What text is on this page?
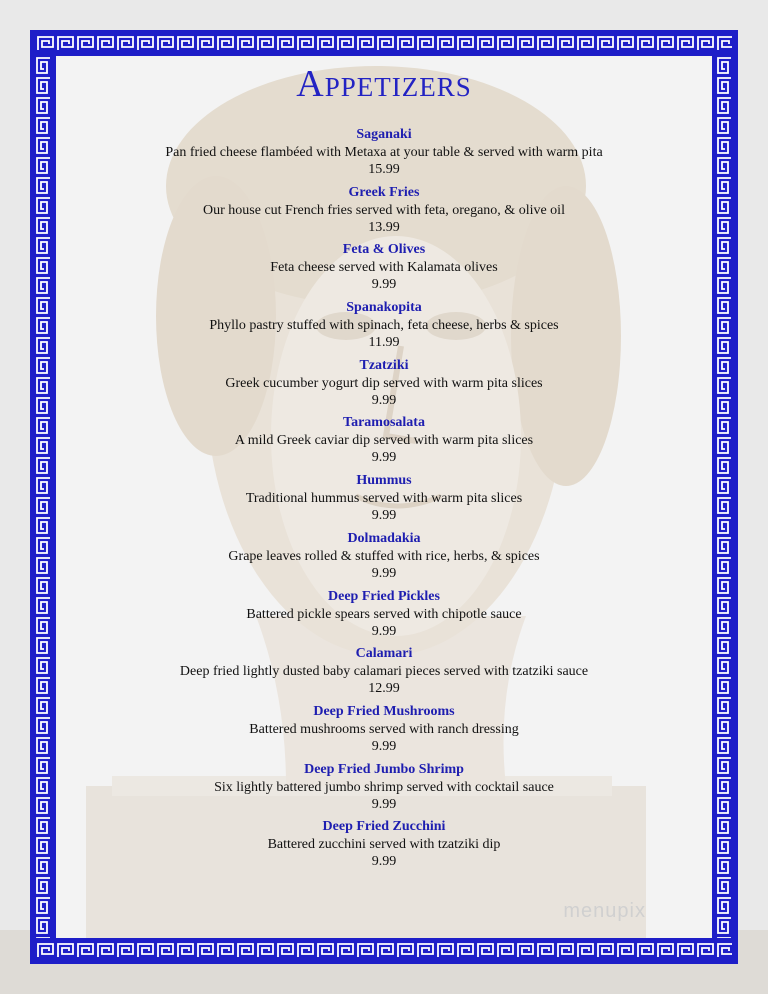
Appetizers
Saganaki
Pan fried cheese flambéed with Metaxa at your table & served with warm pita
15.99
Greek Fries
Our house cut French fries served with feta, oregano, & olive oil
13.99
Feta & Olives
Feta cheese served with Kalamata olives
9.99
Spanakopita
Phyllo pastry stuffed with spinach, feta cheese, herbs & spices
11.99
Tzatziki
Greek cucumber yogurt dip served with warm pita slices
9.99
Taramosalata
A mild Greek caviar dip served with warm pita slices
9.99
Hummus
Traditional hummus served with warm pita slices
9.99
Dolmadakia
Grape leaves rolled & stuffed with rice, herbs, & spices
9.99
Deep Fried Pickles
Battered pickle spears served with chipotle sauce
9.99
Calamari
Deep fried lightly dusted baby calamari pieces served with tzatziki sauce
12.99
Deep Fried Mushrooms
Battered mushrooms served with ranch dressing
9.99
Deep Fried Jumbo Shrimp
Six lightly battered jumbo shrimp served with cocktail sauce
9.99
Deep Fried Zucchini
Battered zucchini served with tzatziki dip
9.99
menupix
